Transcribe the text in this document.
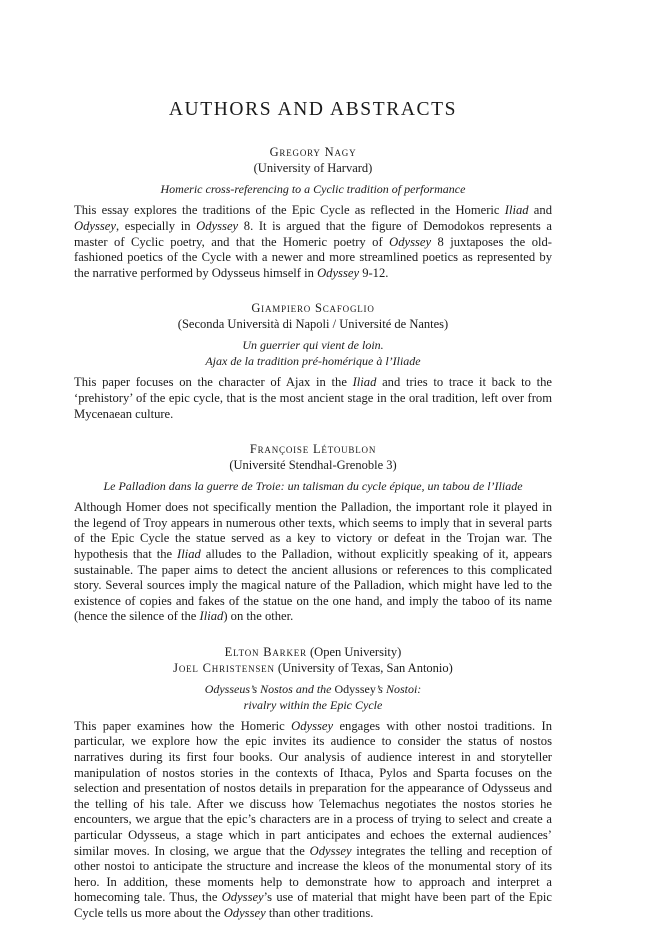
AUTHORS AND ABSTRACTS
Gregory Nagy
(University of Harvard)
Homeric cross-referencing to a Cyclic tradition of performance

This essay explores the traditions of the Epic Cycle as reflected in the Homeric Iliad and Odyssey, especially in Odyssey 8. It is argued that the figure of Demodokos represents a master of Cyclic poetry, and that the Homeric poetry of Odyssey 8 juxtaposes the old-fashioned poetics of the Cycle with a newer and more streamlined poetics as represented by the narrative performed by Odysseus himself in Odyssey 9-12.

Giampiero Scafoglio
(Seconda Università di Napoli / Université de Nantes)
Un guerrier qui vient de loin.
Ajax de la tradition pré-homérique à l’Iliade

This paper focuses on the character of Ajax in the Iliad and tries to trace it back to the ‘prehistory’ of the epic cycle, that is the most ancient stage in the oral tradition, left over from Mycenaean culture.

Françoise Létoublon
(Université Stendhal-Grenoble 3)
Le Palladion dans la guerre de Troie: un talisman du cycle épique, un tabou de l’Iliade

Although Homer does not specifically mention the Palladion, the important role it played in the legend of Troy appears in numerous other texts, which seems to imply that in several parts of the Epic Cycle the statue served as a key to victory or defeat in the Trojan war. The hypothesis that the Iliad alludes to the Palladion, without explicitly speaking of it, appears sustainable. The paper aims to detect the ancient allusions or references to this complicated story. Several sources imply the magical nature of the Palladion, which might have led to the existence of copies and fakes of the statue on the one hand, and imply the taboo of its name (hence the silence of the Iliad) on the other.

Elton Barker (Open University)
Joel Christensen (University of Texas, San Antonio)
Odysseus’s Nostos and the Odyssey’s Nostoi:
rivalry within the Epic Cycle

This paper examines how the Homeric Odyssey engages with other nostoi traditions. In particular, we explore how the epic invites its audience to consider the status of nostos narratives during its first four books. Our analysis of audience interest in and storyteller manipulation of nostos stories in the contexts of Ithaca, Pylos and Sparta focuses on the selection and presentation of nostos details in preparation for the appearance of Odysseus and the telling of his tale. After we discuss how Telemachus negotiates the nostos stories he encounters, we argue that the epic’s characters are in a process of trying to select and create a particular Odysseus, a stage which in part anticipates and echoes the external audiences’ similar moves. In closing, we argue that the Odyssey integrates the telling and reception of other nostoi to anticipate the structure and increase the kleos of the monumental story of its hero. In addition, these moments help to demonstrate how to approach and interpret a homecoming tale. Thus, the Odyssey’s use of material that might have been part of the Epic Cycle tells us more about the Odyssey than other traditions.
